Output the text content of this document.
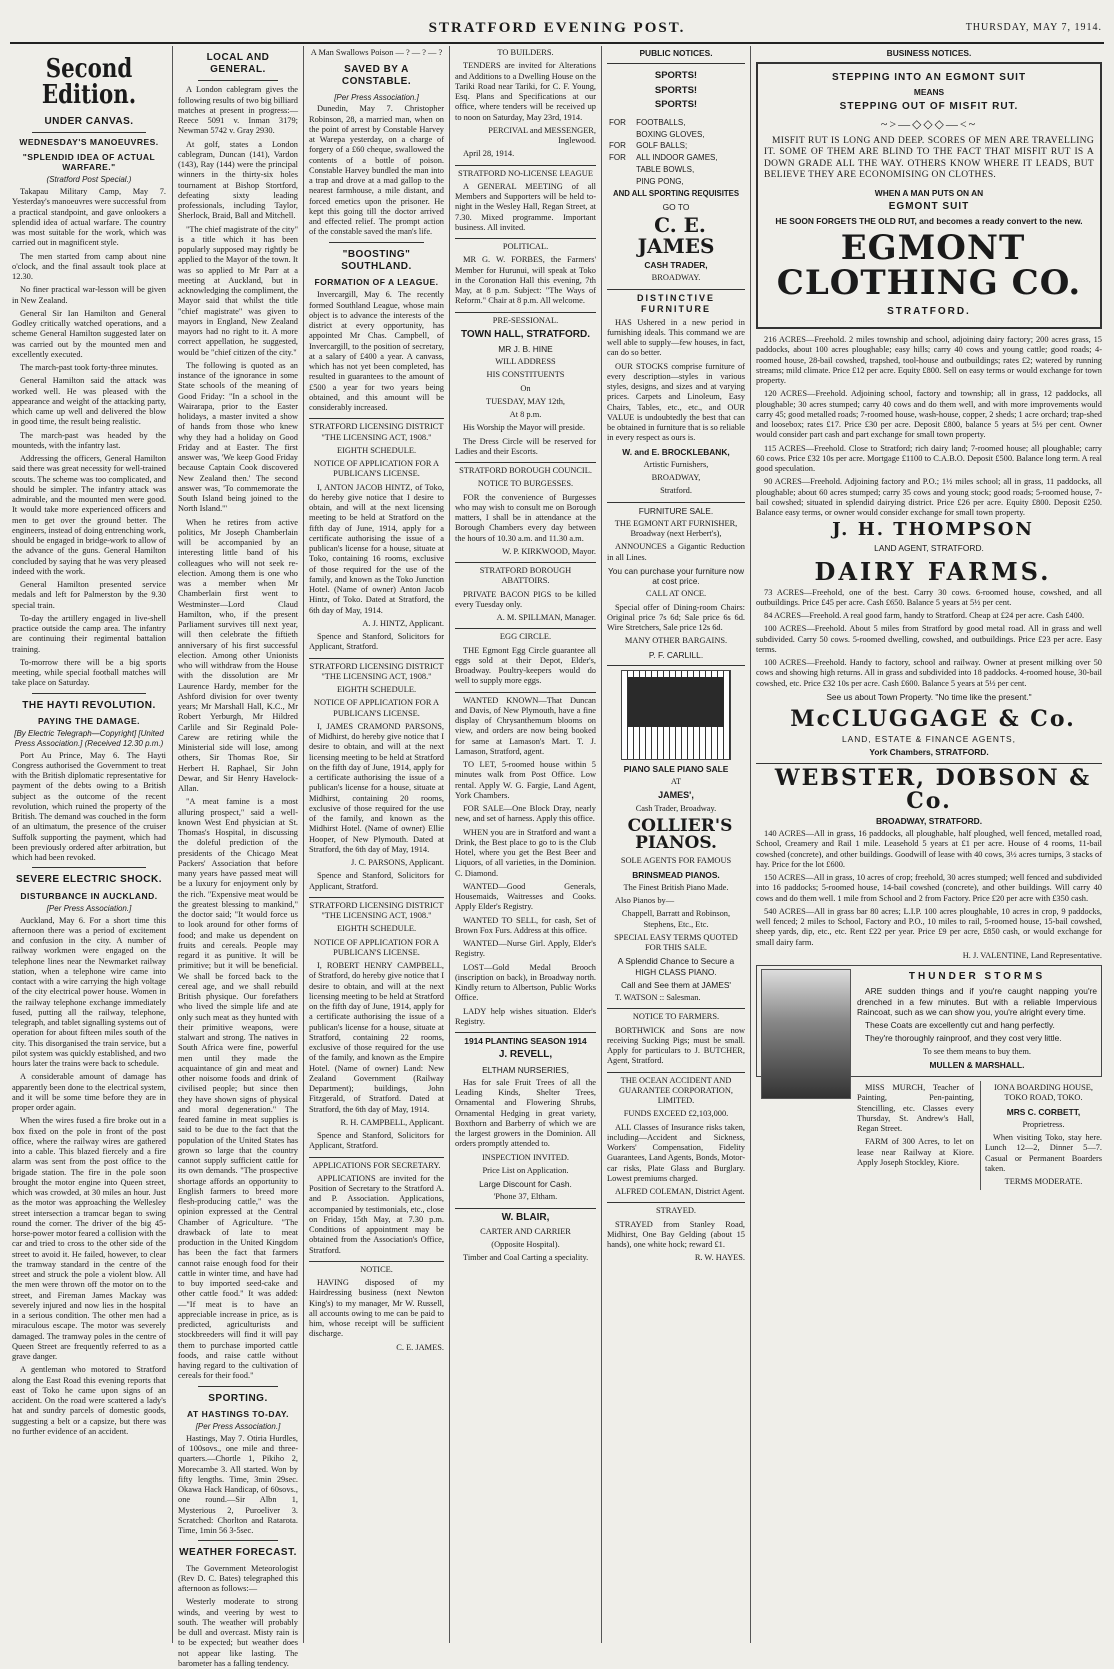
STRATFORD EVENING POST.	THURSDAY, MAY 7, 1914.
Second Edition.
UNDER CANVAS.
WEDNESDAY'S MANOEUVRES.
"SPLENDID IDEA OF ACTUAL WARFARE."
(Stratford Post Special.)

Takapau Military Camp, May 7. Yesterday's manoeuvres were successful from a practical standpoint, and gave onlookers a splendid idea of actual warfare. The country was most suitable for the work, which was carried out in magnificent style.

The men started from camp about nine o'clock, and the final assault took place at 12.30.

No finer practical war-lesson will be given in New Zealand.

General Sir Ian Hamilton and General Godley critically watched operations, and a scheme General Hamilton suggested later on was carried out by the mounted men and excellently executed.

The march-past took forty-three minutes.

General Hamilton said the attack was worked well. He was pleased with the appearance and weight of the attacking party, which came up well and delivered the blow in good time, the result being realistic.

The march-past was headed by the mounteds, with the infantry last.

Addressing the officers, General Hamilton said there was great necessity for well-trained scouts. The scheme was too complicated, and should be simpler. The infantry attack was admirable, and the mounted men were good. It would take more experienced officers and men to get over the ground better. The engineers, instead of doing entrenching work, should be engaged in bridge-work to allow of the advance of the guns. General Hamilton concluded by saying that he was very pleased indeed with the work.

General Hamilton presented service medals and left for Palmerston by the 9.30 special train.

To-day the artillery engaged in live-shell practice outside the camp area. The infantry are continuing their regimental battalion training.

To-morrow there will be a big sports meeting, while special football matches will take place on Saturday.

THE HAYTI REVOLUTION.
PAYING THE DAMAGE.
[By Electric Telegraph—Copyright] [United Press Association.] (Received 12.30 p.m.)

Port Au Prince, May 6. The Hayti Congress authorised the Government to treat with the British diplomatic representative for payment of the debts owing to a British subject as the outcome of the recent revolution, which ruined the property of the British. The demand was couched in the form of an ultimatum, the presence of the cruiser Suffolk supporting the payment, which had been previously ordered after arbitration, but which had been revoked.

SEVERE ELECTRIC SHOCK.
DISTURBANCE IN AUCKLAND.
[Per Press Association.]

Auckland, May 6. For a short time this afternoon there was a period of excitement and confusion in the city. A number of railway workmen were engaged on the telephone lines near the Newmarket railway station, when a telephone wire came into contact with a wire carrying the high voltage of the city electrical power house. Women in the railway telephone exchange immediately fused, putting all the railway, telephone, telegraph, and tablet signalling systems out of operation for about fifteen miles south of the city. This disorganised the train service, but a pilot system was quickly established, and two hours later the trains were back to schedule.

A considerable amount of damage has apparently been done to the electrical system, and it will be some time before they are in proper order again.

When the wires fused a fire broke out in a box fixed on the pole in front of the post office, where the railway wires are gathered into a cable. This blazed fiercely and a fire alarm was sent from the post office to the brigade station. The fire in the pole soon brought the motor engine into Queen street, which was crowded, at 30 miles an hour. Just as the motor was approaching the Wellesley street intersection a tramcar began to swing round the corner. The driver of the big 45-horse-power motor feared a collision with the car and tried to cross to the other side of the street to avoid it. He failed, however, to clear the tramway standard in the centre of the street and struck the pole a violent blow. All the men were thrown off the motor on to the street, and Fireman James Mackay was severely injured and now lies in the hospital in a serious condition. The other men had a miraculous escape. The motor was severely damaged. The tramway poles in the centre of Queen Street are frequently referred to as a grave danger.

A gentleman who motored to Stratford along the East Road this evening reports that east of Toko he came upon signs of an accident. On the road were scattered a lady's hat and sundry parcels of domestic goods, suggesting a belt or a capsize, but there was no further evidence of an accident.

LOCAL AND GENERAL.

A London cablegram gives the following results of two big billiard matches at present in progress:—Reece 5091 v. Inman 3179; Newman 5742 v. Gray 2930.

At golf, states a London cablegram, Duncan (141), Vardon (143), Ray (144) were the principal winners in the thirty-six holes tournament at Bishop Stortford, defeating sixty leading professionals, including Taylor, Sherlock, Braid, Ball and Mitchell.

"The chief magistrate of the city" is a title which it has been popularly supposed may rightly be applied to the Mayor of the town. It was so applied to Mr Parr at a meeting at Auckland, but in acknowledging the compliment, the Mayor said that whilst the title "chief magistrate" was given to mayors in England, New Zealand mayors had no right to it. A more correct appellation, he suggested, would be "chief citizen of the city."

The following is quoted as an instance of the ignorance in some State schools of the meaning of Good Friday: "In a school in the Wairarapa, prior to the Easter holidays, a master invited a show of hands from those who knew why they had a holiday on Good Friday and at Easter. The first answer was, 'We keep Good Friday because Captain Cook discovered New Zealand then.' The second answer was, 'To commemorate the South Island being joined to the North Island.'"

When he retires from active politics, Mr Joseph Chamberlain will be accompanied by an interesting little band of his colleagues who will not seek re-election. Among them is one who was a member when Mr Chamberlain first went to Westminster—Lord Claud Hamilton, who, if the present Parliament survives till next year, will then celebrate the fiftieth anniversary of his first successful election. Among other Unionists who will withdraw from the House with the dissolution are Mr Laurence Hardy, member for the Ashford division for over twenty years; Mr Marshall Hall, K.C., Mr Robert Yerburgh, Mr Hildred Carlile and Sir Reginald Pole-Carew are retiring while the Ministerial side will lose, among others, Sir Thomas Roe, Sir Herbert H. Raphael, Sir John Dewar, and Sir Henry Havelock-Allan.

"A meat famine is a most alluring prospect," said a well-known West End physician at St. Thomas's Hospital, in discussing the doleful prediction of the presidents of the Chicago Meat Packers' Association that before many years have passed meat will be a luxury for enjoyment only by the rich. "Expensive meat would be the greatest blessing to mankind," the doctor said; "It would force us to look around for other forms of food; and make us dependent on fruits and cereals. People may regard it as punitive. It will be primitive; but it will be beneficial. We shall be forced back to the cereal age, and we shall rebuild British physique. Our forefathers who lived the simple life and ate only such meat as they hunted with their primitive weapons, were stalwart and strong. The natives in South Africa were fine, powerful men until they made the acquaintance of gin and meat and other noisome foods and drink of civilised people; but since then they have shown signs of physical and moral degeneration." The feared famine in meat supplies is said to be due to the fact that the population of the United States has grown so large that the country cannot supply sufficient cattle for its own demands. "The prospective shortage affords an opportunity to English farmers to breed more flesh-producing cattle," was the opinion expressed at the Central Chamber of Agriculture. "The drawback of late to meat production in the United Kingdom has been the fact that farmers cannot raise enough food for their cattle in winter time, and have had to buy imported seed-cake and other cattle food." It was added:—"If meat is to have an appreciable increase in price, as is predicted, agriculturists and stockbreeders will find it will pay them to purchase imported cattle foods, and raise cattle without having regard to the cultivation of cereals for their food."

SPORTING.
AT HASTINGS TO-DAY.
[Per Press Association.]

Hastings, May 7. Otiria Hurdles, of 100sovs., one mile and three-quarters.—Chortle 1, Pikiho 2, Morecambe 3. All started. Won by fifty lengths. Time, 3min 29sec. Okawa Hack Handicap, of 60sovs., one round.—Sir Albn 1, Mysterious 2, Puroeliver 3. Scratched: Chorlton and Ratarota. Time, 1min 56 3-5sec.

WEATHER FORECAST.

The Government Meteorologist (Rev D. C. Bates) telegraphed this afternoon as follows:—

Westerly moderate to strong winds, and veering by west to south. The weather will probably be dull and overcast. Misty rain is to be expected; but weather does not appear like lasting. The barometer has a falling tendency.

A Man Swallows Poison — ? — ? — ?

SAVED BY A CONSTABLE.
[Per Press Association.]

Dunedin, May 7. Christopher Robinson, 28, a married man, when on the point of arrest by Constable Harvey at Warepa yesterday, on a charge of forgery of a £60 cheque, swallowed the contents of a bottle of poison. Constable Harvey bundled the man into a trap and drove at a mad gallop to the nearest farmhouse, a mile distant, and forced emetics upon the prisoner. He kept this going till the doctor arrived and effected relief. The prompt action of the constable saved the man's life.

"BOOSTING" SOUTHLAND.
FORMATION OF A LEAGUE.

Invercargill, May 6. The recently formed Southland League, whose main object is to advance the interests of the district at every opportunity, has appointed Mr Chas. Campbell, of Invercargill, to the position of secretary, at a salary of £400 a year. A canvass, which has not yet been completed, has resulted in guarantees to the amount of £500 a year for two years being obtained, and this amount will be considerably increased.

STRATFORD LICENSING DISTRICT "THE LICENSING ACT, 1908."

EIGHTH SCHEDULE.

NOTICE OF APPLICATION FOR A PUBLICAN'S LICENSE.

I, ANTON JACOB HINTZ, of Toko, do hereby give notice that I desire to obtain, and will at the next licensing meeting to be held at Stratford on the fifth day of June, 1914, apply for a certificate authorising the issue of a publican's license for a house, situate at Toko, containing 16 rooms, exclusive of those required for the use of the family, and known as the Toko Junction Hotel. (Name of owner) Anton Jacob Hintz, of Toko. Dated at Stratford, the 6th day of May, 1914.

A. J. HINTZ, Applicant.

Spence and Stanford, Solicitors for Applicant, Stratford.

STRATFORD LICENSING DISTRICT "THE LICENSING ACT, 1908."

EIGHTH SCHEDULE.

NOTICE OF APPLICATION FOR A PUBLICAN'S LICENSE.

I, JAMES CRAMOND PARSONS, of Midhirst, do hereby give notice that I desire to obtain, and will at the next licensing meeting to be held at Stratford on the fifth day of June, 1914, apply for a certificate authorising the issue of a publican's license for a house, situate at Midhirst, containing 20 rooms, exclusive of those required for the use of the family, and known as the Midhirst Hotel. (Name of owner) Ellie Hooper, of New Plymouth. Dated at Stratford, the 6th day of May, 1914.

J. C. PARSONS, Applicant.

Spence and Stanford, Solicitors for Applicant, Stratford.

STRATFORD LICENSING DISTRICT "THE LICENSING ACT, 1908."

EIGHTH SCHEDULE.

NOTICE OF APPLICATION FOR A PUBLICAN'S LICENSE.

I, ROBERT HENRY CAMPBELL, of Stratford, do hereby give notice that I desire to obtain, and will at the next licensing meeting to be held at Stratford on the fifth day of June, 1914, apply for a certificate authorising the issue of a publican's license for a house, situate at Stratford, containing 22 rooms, exclusive of those required for the use of the family, and known as the Empire Hotel. (Name of owner) Land: New Zealand Government (Railway Department); buildings, John Fitzgerald, of Stratford. Dated at Stratford, the 6th day of May, 1914.

R. H. CAMPBELL, Applicant.

Spence and Stanford, Solicitors for Applicant, Stratford.

APPLICATIONS FOR SECRETARY.

APPLICATIONS are invited for the Position of Secretary to the Stratford A. and P. Association. Applications, accompanied by testimonials, etc., close on Friday, 15th May, at 7.30 p.m. Conditions of appointment may be obtained from the Association's Office, Stratford.

NOTICE.

HAVING disposed of my Hairdressing business (next Newton King's) to my manager, Mr W. Russell, all accounts owing to me can be paid to him, whose receipt will be sufficient discharge.

C. E. JAMES.

TO BUILDERS.

TENDERS are invited for Alterations and Additions to a Dwelling House on the Tariki Road near Tariki, for C. F. Young, Esq. Plans and Specifications at our office, where tenders will be received up to noon on Saturday, May 23rd, 1914.

PERCIVAL and MESSENGER, Inglewood.

April 28, 1914.

STRATFORD NO-LICENSE LEAGUE

A GENERAL MEETING of all Members and Supporters will be held to-night in the Wesley Hall, Regan Street, at 7.30. Mixed programme. Important business. All invited.

POLITICAL.

MR G. W. FORBES, the Farmers' Member for Hurunui, will speak at Toko in the Coronation Hall this evening, 7th May, at 8 p.m. Subject: "The Ways of Reform." Chair at 8 p.m. All welcome.

PRE-SESSIONAL.

TOWN HALL, STRATFORD.

MR J. B. HINE

WILL ADDRESS

HIS CONSTITUENTS

On

TUESDAY, MAY 12th,

At 8 p.m.

His Worship the Mayor will preside.

The Dress Circle will be reserved for Ladies and their Escorts.

STRATFORD BOROUGH COUNCIL.

NOTICE TO BURGESSES.

FOR the convenience of Burgesses who may wish to consult me on Borough matters, I shall be in attendance at the Borough Chambers every day between the hours of 10.30 a.m. and 11.30 a.m.

W. P. KIRKWOOD, Mayor.

STRATFORD BOROUGH ABATTOIRS.

PRIVATE BACON PIGS to be killed every Tuesday only.

A. M. SPILLMAN, Manager.

EGG CIRCLE.

THE Egmont Egg Circle guarantee all eggs sold at their Depot, Elder's, Broadway. Poultry-keepers would do well to supply more eggs.

WANTED KNOWN—That Duncan and Davis, of New Plymouth, have a fine display of Chrysanthemum blooms on view, and orders are now being booked for same at Lamason's Mart. T. J. Lamason, Stratford, agent.

TO LET, 5-roomed house within 5 minutes walk from Post Office. Low rental. Apply W. G. Fargie, Land Agent, York Chambers.

FOR SALE—One Block Dray, nearly new, and set of harness. Apply this office.

WHEN you are in Stratford and want a Drink, the Best place to go to is the Club Hotel, where you get the Best Beer and Liquors, of all varieties, in the Dominion. C. Diamond.

WANTED—Good Generals, Housemaids, Waitresses and Cooks. Apply Elder's Registry.

WANTED TO SELL, for cash, Set of Brown Fox Furs. Address at this office.

WANTED—Nurse Girl. Apply, Elder's Registry.

LOST—Gold Medal Brooch (inscription on back), in Broadway north. Kindly return to Albertson, Public Works Office.

LADY help wishes situation. Elder's Registry.

1914 PLANTING SEASON 1914

J. REVELL,

ELTHAM NURSERIES,

Has for sale Fruit Trees of all the Leading Kinds, Shelter Trees, Ornamental and Flowering Shrubs, Ornamental Hedging in great variety, Boxthorn and Barberry of which we are the largest growers in the Dominion. All orders promptly attended to.

INSPECTION INVITED.

Price List on Application.

Large Discount for Cash.

'Phone 37, Eltham.

W. BLAIR,

CARTER AND CARRIER

(Opposite Hospital).

Timber and Coal Carting a speciality.

PUBLIC NOTICES.

SPORTS!

SPORTS!

SPORTS!

FOR	FOOTBALLS,
	BOXING GLOVES,
FOR	GOLF BALLS;
FOR	ALL INDOOR GAMES,
	TABLE BOWLS,
	PING PONG,

AND ALL SPORTING REQUISITES

GO TO

C. E. JAMES

CASH TRADER,

BROADWAY.

DISTINCTIVE FURNITURE

HAS Ushered in a new period in furnishing ideals. This command we are well able to supply—few houses, in fact, can do so better.

OUR STOCKS comprise furniture of every description—styles in various styles, designs, and sizes and at varying prices. Carpets and Linoleum, Easy Chairs, Tables, etc., etc., and OUR VALUE is undoubtedly the best that can be obtained in furniture that is so reliable in every respect as ours is.

W. and E. BROCKLEBANK,

Artistic Furnishers,

BROADWAY,

Stratford.

FURNITURE SALE.

THE EGMONT ART FURNISHER, Broadway (next Herbert's),

ANNOUNCES a Gigantic Reduction in all Lines.

You can purchase your furniture now at cost price.

CALL AT ONCE.

Special offer of Dining-room Chairs: Original price 7s 6d; Sale price 6s 6d. Wire Stretchers, Sale price 12s 6d.

MANY OTHER BARGAINS.

P. F. CARLILL.

PIANO SALE PIANO SALE

AT

JAMES',

Cash Trader, Broadway.

COLLIER'S PIANOS.

SOLE AGENTS FOR FAMOUS

BRINSMEAD PIANOS.

The Finest British Piano Made.

Also Pianos by—

Chappell, Barratt and Robinson, Stephens, Etc., Etc.

SPECIAL EASY TERMS QUOTED FOR THIS SALE.

A Splendid Chance to Secure a HIGH CLASS PIANO.

Call and See them at JAMES'

T. WATSON :: Salesman.

NOTICE TO FARMERS.

BORTHWICK and Sons are now receiving Sucking Pigs; must be small. Apply for particulars to J. BUTCHER, Agent, Stratford.

THE OCEAN ACCIDENT AND GUARANTEE CORPORATION, LIMITED.

FUNDS EXCEED £2,103,000.

ALL Classes of Insurance risks taken, including—Accident and Sickness, Workers' Compensation, Fidelity Guarantees, Land Agents, Bonds, Motor-car risks, Plate Glass and Burglary. Lowest premiums charged.

ALFRED COLEMAN, District Agent.

STRAYED.

STRAYED from Stanley Road, Midhirst, One Bay Gelding (about 15 hands), one white hock; reward £1.

R. W. HAYES.

BUSINESS NOTICES.

STEPPING INTO AN EGMONT SUIT

MEANS

STEPPING OUT OF MISFIT RUT.

~>—◇◇◇—<~

MISFIT RUT IS LONG AND DEEP. SCORES OF MEN ARE TRAVELLING IT. SOME OF THEM ARE BLIND TO THE FACT THAT MISFIT RUT IS A DOWN GRADE ALL THE WAY. OTHERS KNOW WHERE IT LEADS, BUT BELIEVE THEY ARE ECONOMISING ON CLOTHES.

WHEN A MAN PUTS ON AN

EGMONT SUIT

HE SOON FORGETS THE OLD RUT, and becomes a ready convert to the new.

EGMONT CLOTHING CO.

STRATFORD.

216 ACRES—Freehold. 2 miles township and school, adjoining dairy factory; 200 acres grass, 15 paddocks, about 100 acres ploughable; easy hills; carry 40 cows and young cattle; good roads; 4-roomed house, 28-bail cowshed, trapshed, tool-house and outbuildings; rates £2; watered by running streams; mild climate. Price £12 per acre. Equity £800. Sell on easy terms or would exchange for town property.

120 ACRES—Freehold. Adjoining school, factory and township; all in grass, 12 paddocks, all ploughable; 30 acres stumped; carry 40 cows and do them well, and with more improvements would carry 45; good metalled roads; 7-roomed house, wash-house, copper, 2 sheds; 1 acre orchard; trap-shed and loosebox; rates £17. Price £30 per acre. Deposit £800, balance 5 years at 5½ per cent. Owner would consider part cash and part exchange for small town property.

115 ACRES—Freehold. Close to Stratford; rich dairy land; 7-roomed house; all ploughable; carry 60 cows. Price £32 10s per acre. Mortgage £1100 to C.A.B.O. Deposit £500. Balance long term. A real good speculation.

90 ACRES—Freehold. Adjoining factory and P.O.; 1½ miles school; all in grass, 11 paddocks, all ploughable; about 60 acres stumped; carry 35 cows and young stock; good roads; 5-roomed house, 7-bail cowshed; situated in splendid dairying district. Price £26 per acre. Equity £800. Deposit £250. Balance easy terms, or owner would consider exchange for small town property.

J. H. THOMPSON

LAND AGENT, STRATFORD.

DAIRY FARMS.

73 ACRES—Freehold, one of the best. Carry 30 cows. 6-roomed house, cowshed, and all outbuildings. Price £45 per acre. Cash £650. Balance 5 years at 5½ per cent.

84 ACRES—Freehold. A real good farm, handy to Stratford. Cheap at £24 per acre. Cash £400.

100 ACRES—Freehold. About 5 miles from Stratford by good metal road. All in grass and well subdivided. Carry 50 cows. 5-roomed dwelling, cowshed, and outbuildings. Price £23 per acre. Easy terms.

100 ACRES—Freehold. Handy to factory, school and railway. Owner at present milking over 50 cows and showing high returns. All in grass and subdivided into 18 paddocks. 4-roomed house, 30-bail cowshed, etc. Price £32 10s per acre. Cash £600. Balance 5 years at 5½ per cent.

See us about Town Property. "No time like the present."

McCLUGGAGE & Co.

LAND, ESTATE & FINANCE AGENTS,

York Chambers, STRATFORD.

WEBSTER, DOBSON & Co.

BROADWAY, STRATFORD.

140 ACRES—All in grass, 16 paddocks, all ploughable, half ploughed, well fenced, metalled road, School, Creamery and Rail 1 mile. Leasehold 5 years at £1 per acre. House of 4 rooms, 11-bail cowshed (concrete), and other buildings. Goodwill of lease with 40 cows, 3½ acres turnips, 3 stacks of hay. Price for the lot £600.

150 ACRES—All in grass, 10 acres of crop; freehold, 30 acres stumped; well fenced and subdivided into 16 paddocks; 5-roomed house, 14-bail cowshed (concrete), and other buildings. Will carry 40 cows and do them well. 1 mile from School and 2 from Factory. Price £20 per acre with £350 cash.

540 ACRES—All in grass bar 80 acres; L.I.P. 100 acres ploughable, 10 acres in crop, 9 paddocks, well fenced; 2 miles to School, Factory and P.O., 10 miles to rail, 5-roomed house, 15-bail cowshed, sheep yards, dip, etc., etc. Rent £22 per year. Price £9 per acre, £850 cash, or would exchange for small dairy farm.

H. J. VALENTINE, Land Representative.

THUNDER STORMS

ARE sudden things and if you're caught napping you're drenched in a few minutes. But with a reliable Impervious Raincoat, such as we can show you, you're alright every time.

These Coats are excellently cut and hang perfectly.

They're thoroughly rainproof, and they cost very little.

To see them means to buy them.

MULLEN & MARSHALL.

MISS MURCH, Teacher of Painting, Pen-painting, Stencilling, etc. Classes every Thursday, St. Andrew's Hall, Regan Street.

FARM of 300 Acres, to let on lease near Railway at Kiore. Apply Joseph Stockley, Kiore.

IONA BOARDING HOUSE, TOKO ROAD, TOKO.

MRS C. CORBETT,

Proprietress.

When visiting Toko, stay here. Lunch 12—2, Dinner 5—7. Casual or Permanent Boarders taken.

TERMS MODERATE.
